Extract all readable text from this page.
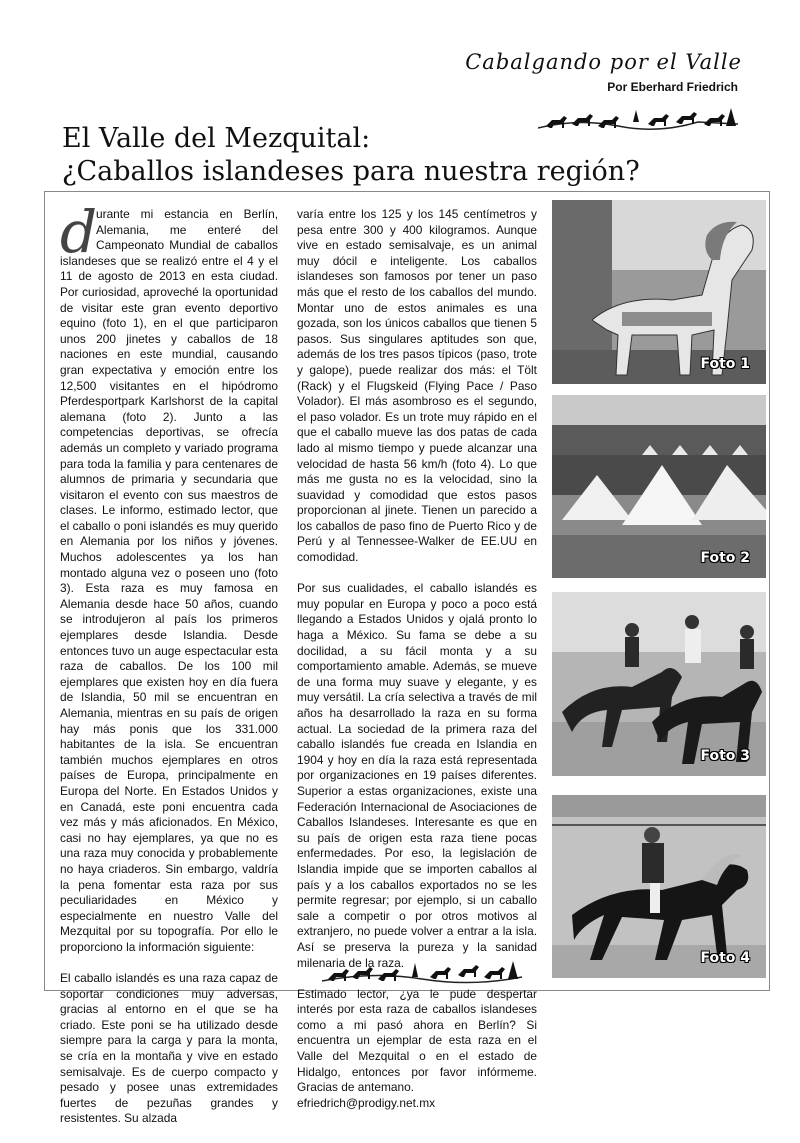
Cabalgando por el Valle
Por Eberhard Friedrich
El Valle del Mezquital:
¿Caballos islandeses para nuestra región?

d
urante mi estancia en Berlín, Alemania, me enteré del Campeonato Mundial de caballos islandeses que se realizó entre el 4 y el 11 de agosto de 2013 en esta ciudad. Por curiosidad, aproveché la oportunidad de visitar este gran evento deportivo equino (foto 1), en el que participaron unos 200 jinetes y caballos de 18 naciones en este mundial, causando gran expectativa y emoción entre los 12,500 visitantes en el hipódromo Pferdesportpark Karlshorst de la capital alemana (foto 2). Junto a las competencias deportivas, se ofrecía además un completo y variado programa para toda la familia y para centenares de alumnos de primaria y secundaria que visitaron el evento con sus maestros de clases. Le informo, estimado lector, que el caballo o poni islandés es muy querido en Alemania por los niños y jóvenes. Muchos adolescentes ya los han montado alguna vez o poseen uno (foto 3). Esta raza es muy famosa en Alemania desde hace 50 años, cuando se introdujeron al país los primeros ejemplares desde Islandia. Desde entonces tuvo un auge espectacular esta raza de caballos. De los 100 mil ejemplares que existen hoy en día fuera de Islandia, 50 mil se encuentran en Alemania, mientras en su país de origen hay más ponis que los 331.000 habitantes de la isla. Se encuentran también muchos ejemplares en otros países de Europa, principalmente en Europa del Norte. En Estados Unidos y en Canadá, este poni encuentra cada vez más y más aficionados. En México, casi no hay ejemplares, ya que no es una raza muy conocida y probablemente no haya criaderos. Sin embargo, valdría la pena fomentar esta raza por sus peculiaridades en México y especialmente en nuestro Valle del Mezquital por su topografía. Por ello le proporciono la información siguiente:

El caballo islandés es una raza capaz de soportar condiciones muy adversas, gracias al entorno en el que se ha criado. Este poni se ha utilizado desde siempre para la carga y para la monta, se cría en la montaña y vive en estado semisalvaje. Es de cuerpo compacto y pesado y posee unas extremidades fuertes de pezuñas grandes y resistentes. Su alzada

varía entre los 125 y los 145 centímetros y pesa entre 300 y 400 kilogramos. Aunque vive en estado semisalvaje, es un animal muy dócil e inteligente. Los caballos islandeses son famosos por tener un paso más que el resto de los caballos del mundo. Montar uno de estos animales es una gozada, son los únicos caballos que tienen 5 pasos. Sus singulares aptitudes son que, además de los tres pasos típicos (paso, trote y galope), puede realizar dos más: el Tölt (Rack) y el Flugskeid (Flying Pace / Paso Volador). El más asombroso es el segundo, el paso volador. Es un trote muy rápido en el que el caballo mueve las dos patas de cada lado al mismo tiempo y puede alcanzar una velocidad de hasta 56 km/h (foto 4). Lo que más me gusta no es la velocidad, sino la suavidad y comodidad que estos pasos proporcionan al jinete. Tienen un parecido a los caballos de paso fino de Puerto Rico y de Perú y al Tennessee-Walker de EE.UU en comodidad.

Por sus cualidades, el caballo islandés es muy popular en Europa y poco a poco está llegando a Estados Unidos y ojalá pronto lo haga a México. Su fama se debe a su docilidad, a su fácil monta y a su comportamiento amable. Además, se mueve de una forma muy suave y elegante, y es muy versátil. La cría selectiva a través de mil años ha desarrollado la raza en su forma actual. La sociedad de la primera raza del caballo islandés fue creada en Islandia en 1904 y hoy en día la raza está representada por organizaciones en 19 países diferentes. Superior a estas organizaciones, existe una Federación Internacional de Asociaciones de Caballos Islandeses. Interesante es que en su país de origen esta raza tiene pocas enfermedades. Por eso, la legislación de Islandia impide que se importen caballos al país y a los caballos exportados no se les permite regresar; por ejemplo, si un caballo sale a competir o por otros motivos al extranjero, no puede volver a entrar a la isla. Así se preserva la pureza y la sanidad milenaria de la raza.

Estimado lector, ¿ya le pude despertar interés por esta raza de caballos islandeses como a mi pasó ahora en Berlín? Si encuentra un ejemplar de esta raza en el Valle del Mezquital o en el estado de Hidalgo, entonces por favor infórmeme. Gracias de antemano.

efriedrich@prodigy.net.mx

Foto 1
Foto 2
Foto 3
Foto 4
